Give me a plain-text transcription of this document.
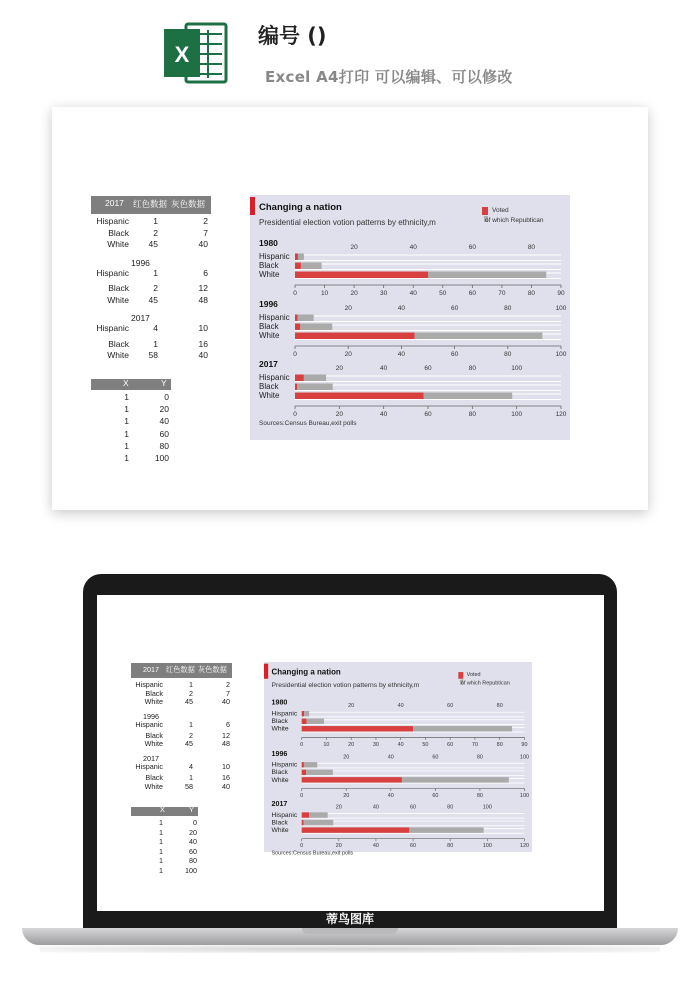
X
编号 ()
Excel A4打印 可以编辑、可以修改
2017 红色数据 灰色数据
Hispanic	1	2
Black	2	7
White 45	40
1996
Hispanic	1	6
Black	2	12
White 45	48
2017
Hispanic	4	10
Black	1	16
White 58	40
X	Y
1	0
1	20
1	40
1	60
1	80
1	100
Changing a nation
Presidential election votion patterns by ethnicity,m
Voted
of which Repubtican
1980	20	40	60	80
Hispanic
Black
White
0	10	20	30	40	50	60	70	80	90
1996	20	40	60	80	100
Hispanic
Black
White
0	20	40	60	80	100
2017	20	40	60	80	100
Hispanic
Black
White
0	20	40	60	80	100	120
Sources:Census Bureau,exit polls
2017 红色数据 灰色数据
Hispanic	1	2
Black	2	7
White	45	40
1996
Hispanic	1	6
Black	2	12
White	45	48
2017
Hispanic	4	10
Black	1	16
White	58	40
X	Y
1	0
1	20
1	40
1	60
1	80
1	100
Changing a nation
Presidential election votion patterns by ethnicity,m
Voted
of which Repubtican
1980	20	40	60	80
Hispanic
Black
White
0	10	20	30	40	50	60	70	80	90
1996	20	40	60	80	100
Hispanic
Black
White
0	20	40	60	80	100
2017	20	40	60	80	100
Hispanic
Black
White
0	20	40	60	80	100	120
Sources:Census Bureau,exit polls
蒂鸟图库
